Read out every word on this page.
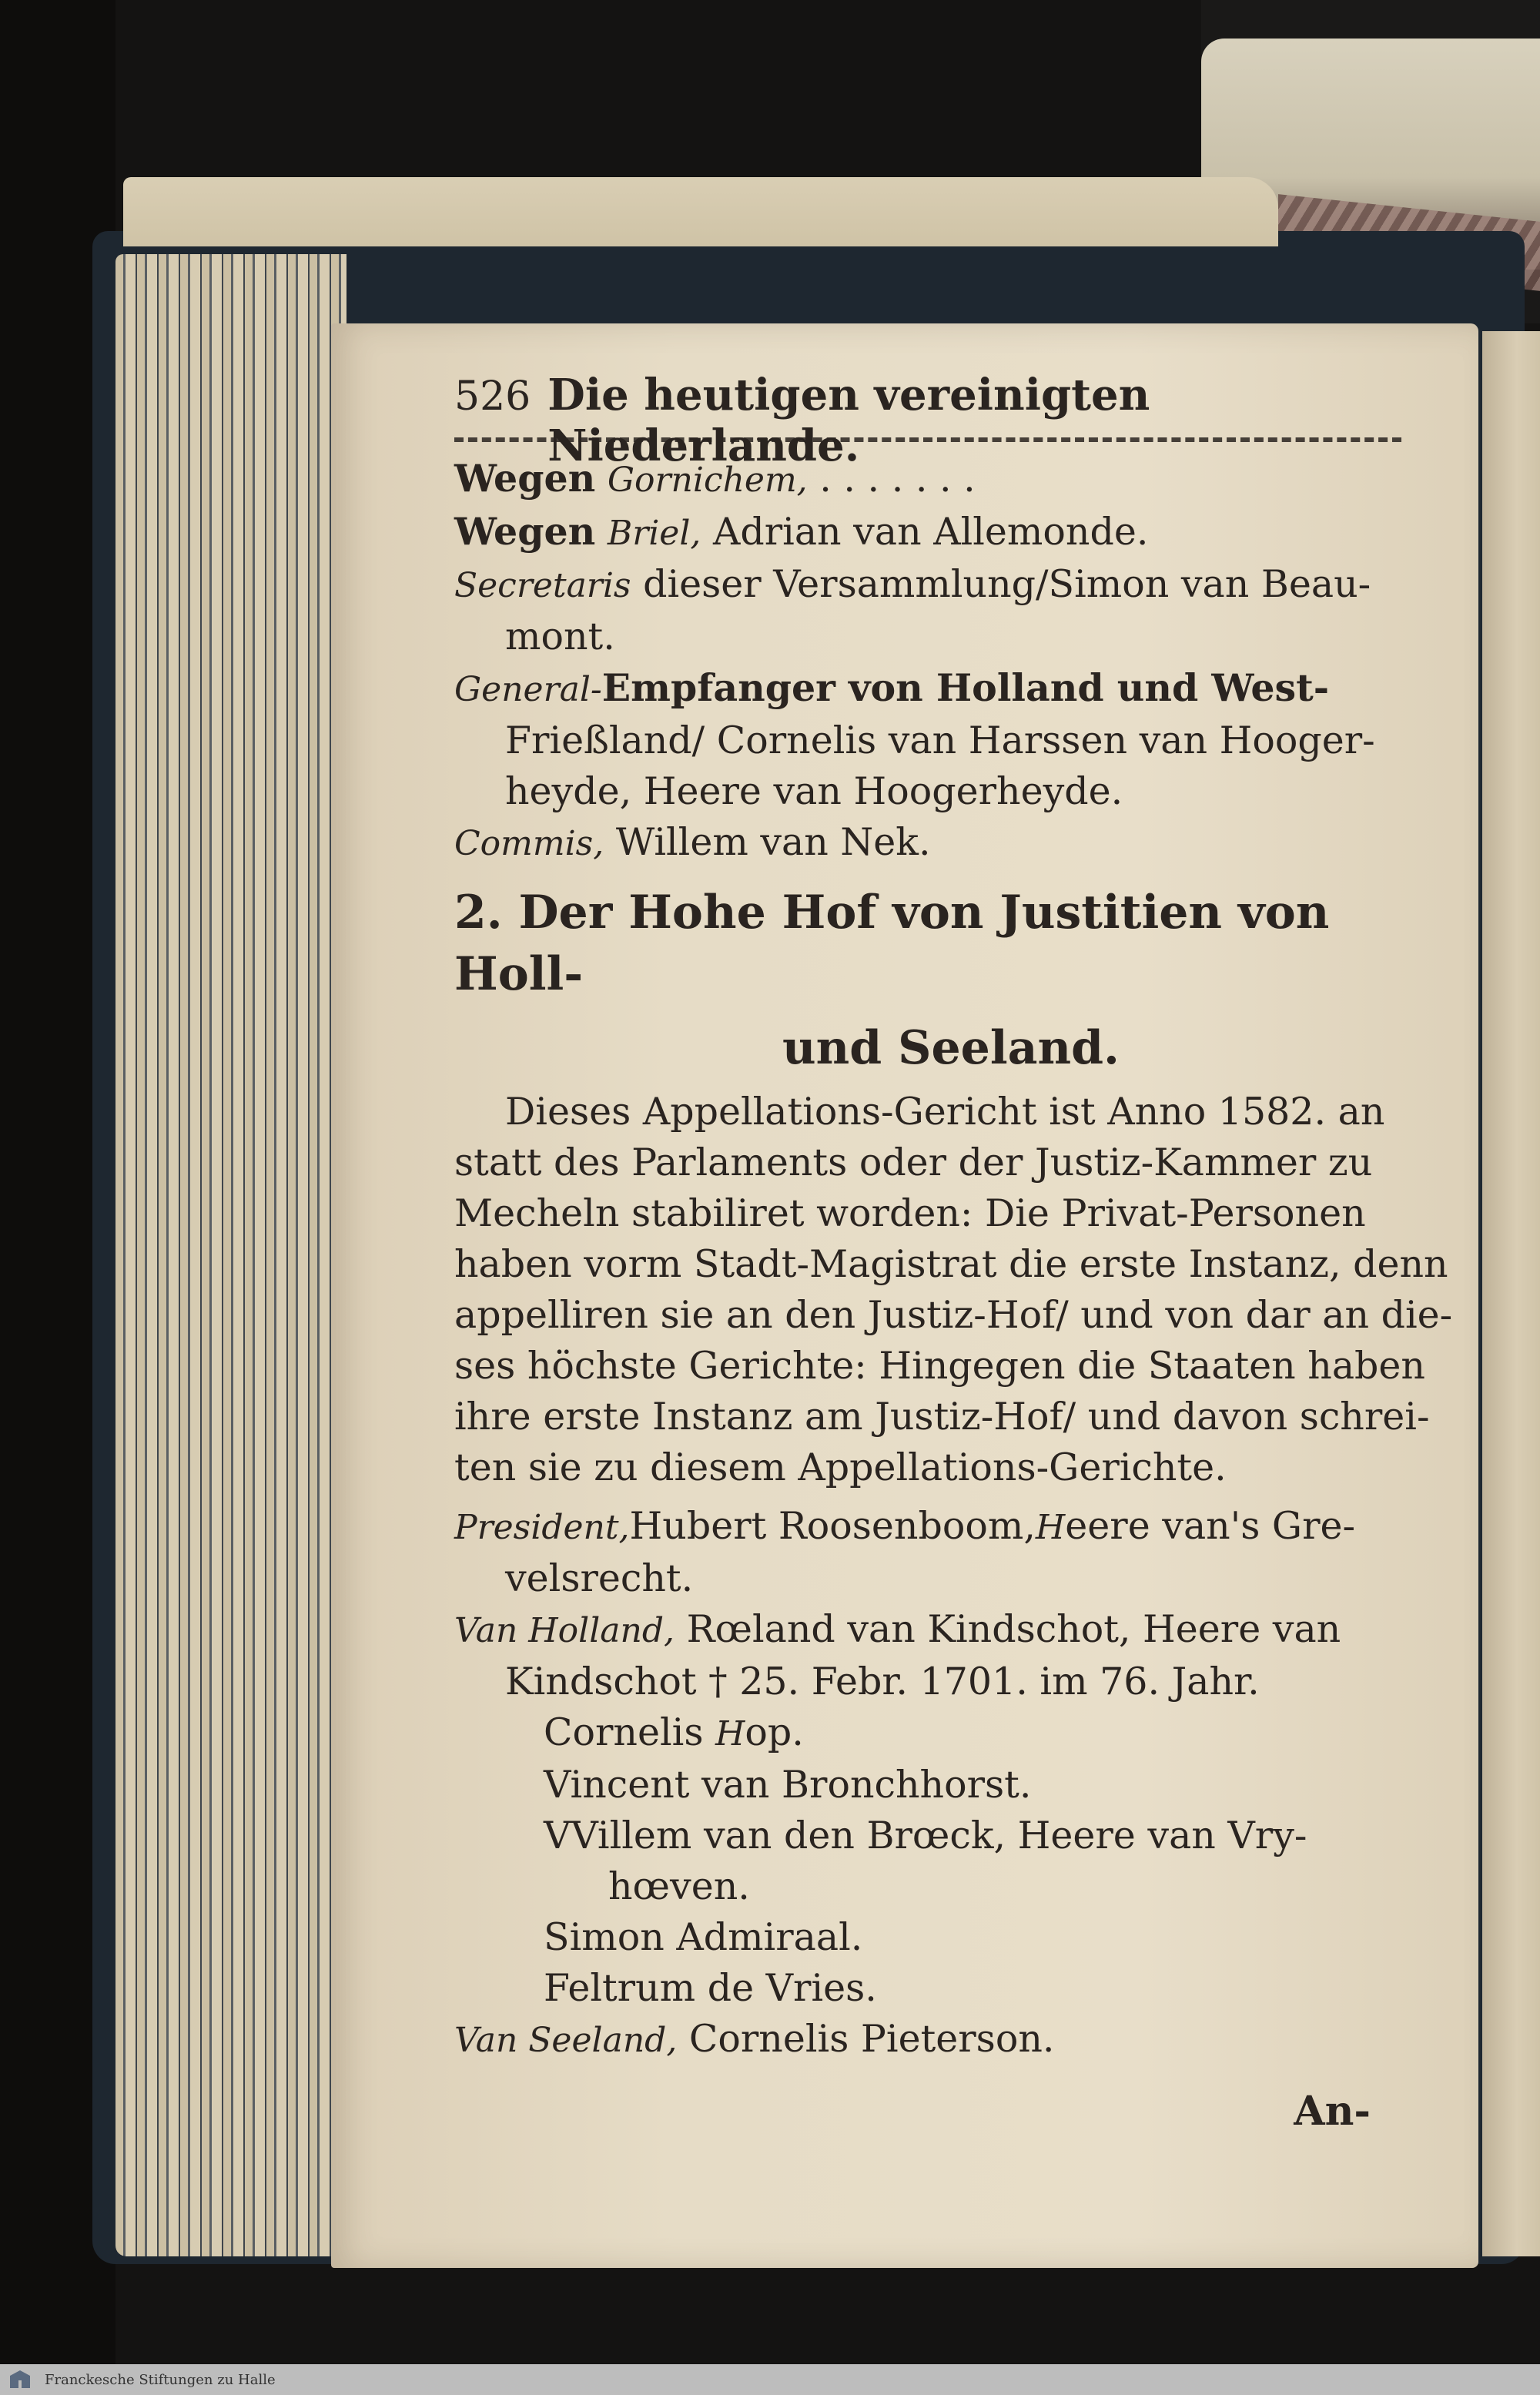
526 Die heutigen vereinigten Niederlande.
Wegen Gornichem, . . . . . . .
Wegen Briel, Adrian van Allemonde.
Secretaris dieser Versammlung/Simon van Beau-
mont.
General-Empfanger von Holland und West-
Frießland/ Cornelis van Harssen van Hooger-
heyde, Heere van Hoogerheyde.
Commis, Willem van Nek.
2. Der Hohe Hof von Justitien von Holl-
und Seeland.
Dieses Appellations-Gericht ist Anno 1582. an
statt des Parlaments oder der Justiz-Kammer zu
Mecheln stabiliret worden: Die Privat-Personen
haben vorm Stadt-Magistrat die erste Instanz, denn
appelliren sie an den Justiz-Hof/ und von dar an die-
ses höchste Gerichte: Hingegen die Staaten haben
ihre erste Instanz am Justiz-Hof/ und davon schrei-
ten sie zu diesem Appellations-Gerichte.
President,Hubert Roosenboom,Heere van's Gre-
velsrecht.
Van Holland, Rœland van Kindschot, Heere van
Kindschot † 25. Febr. 1701. im 76. Jahr.
Cornelis Hop.
Vincent van Bronchhorst.
VVillem van den Brœck, Heere van Vry-
hœven.
Simon Admiraal.
Feltrum de Vries.
Van Seeland, Cornelis Pieterson.
An-
Franckesche Stiftungen zu Halle
